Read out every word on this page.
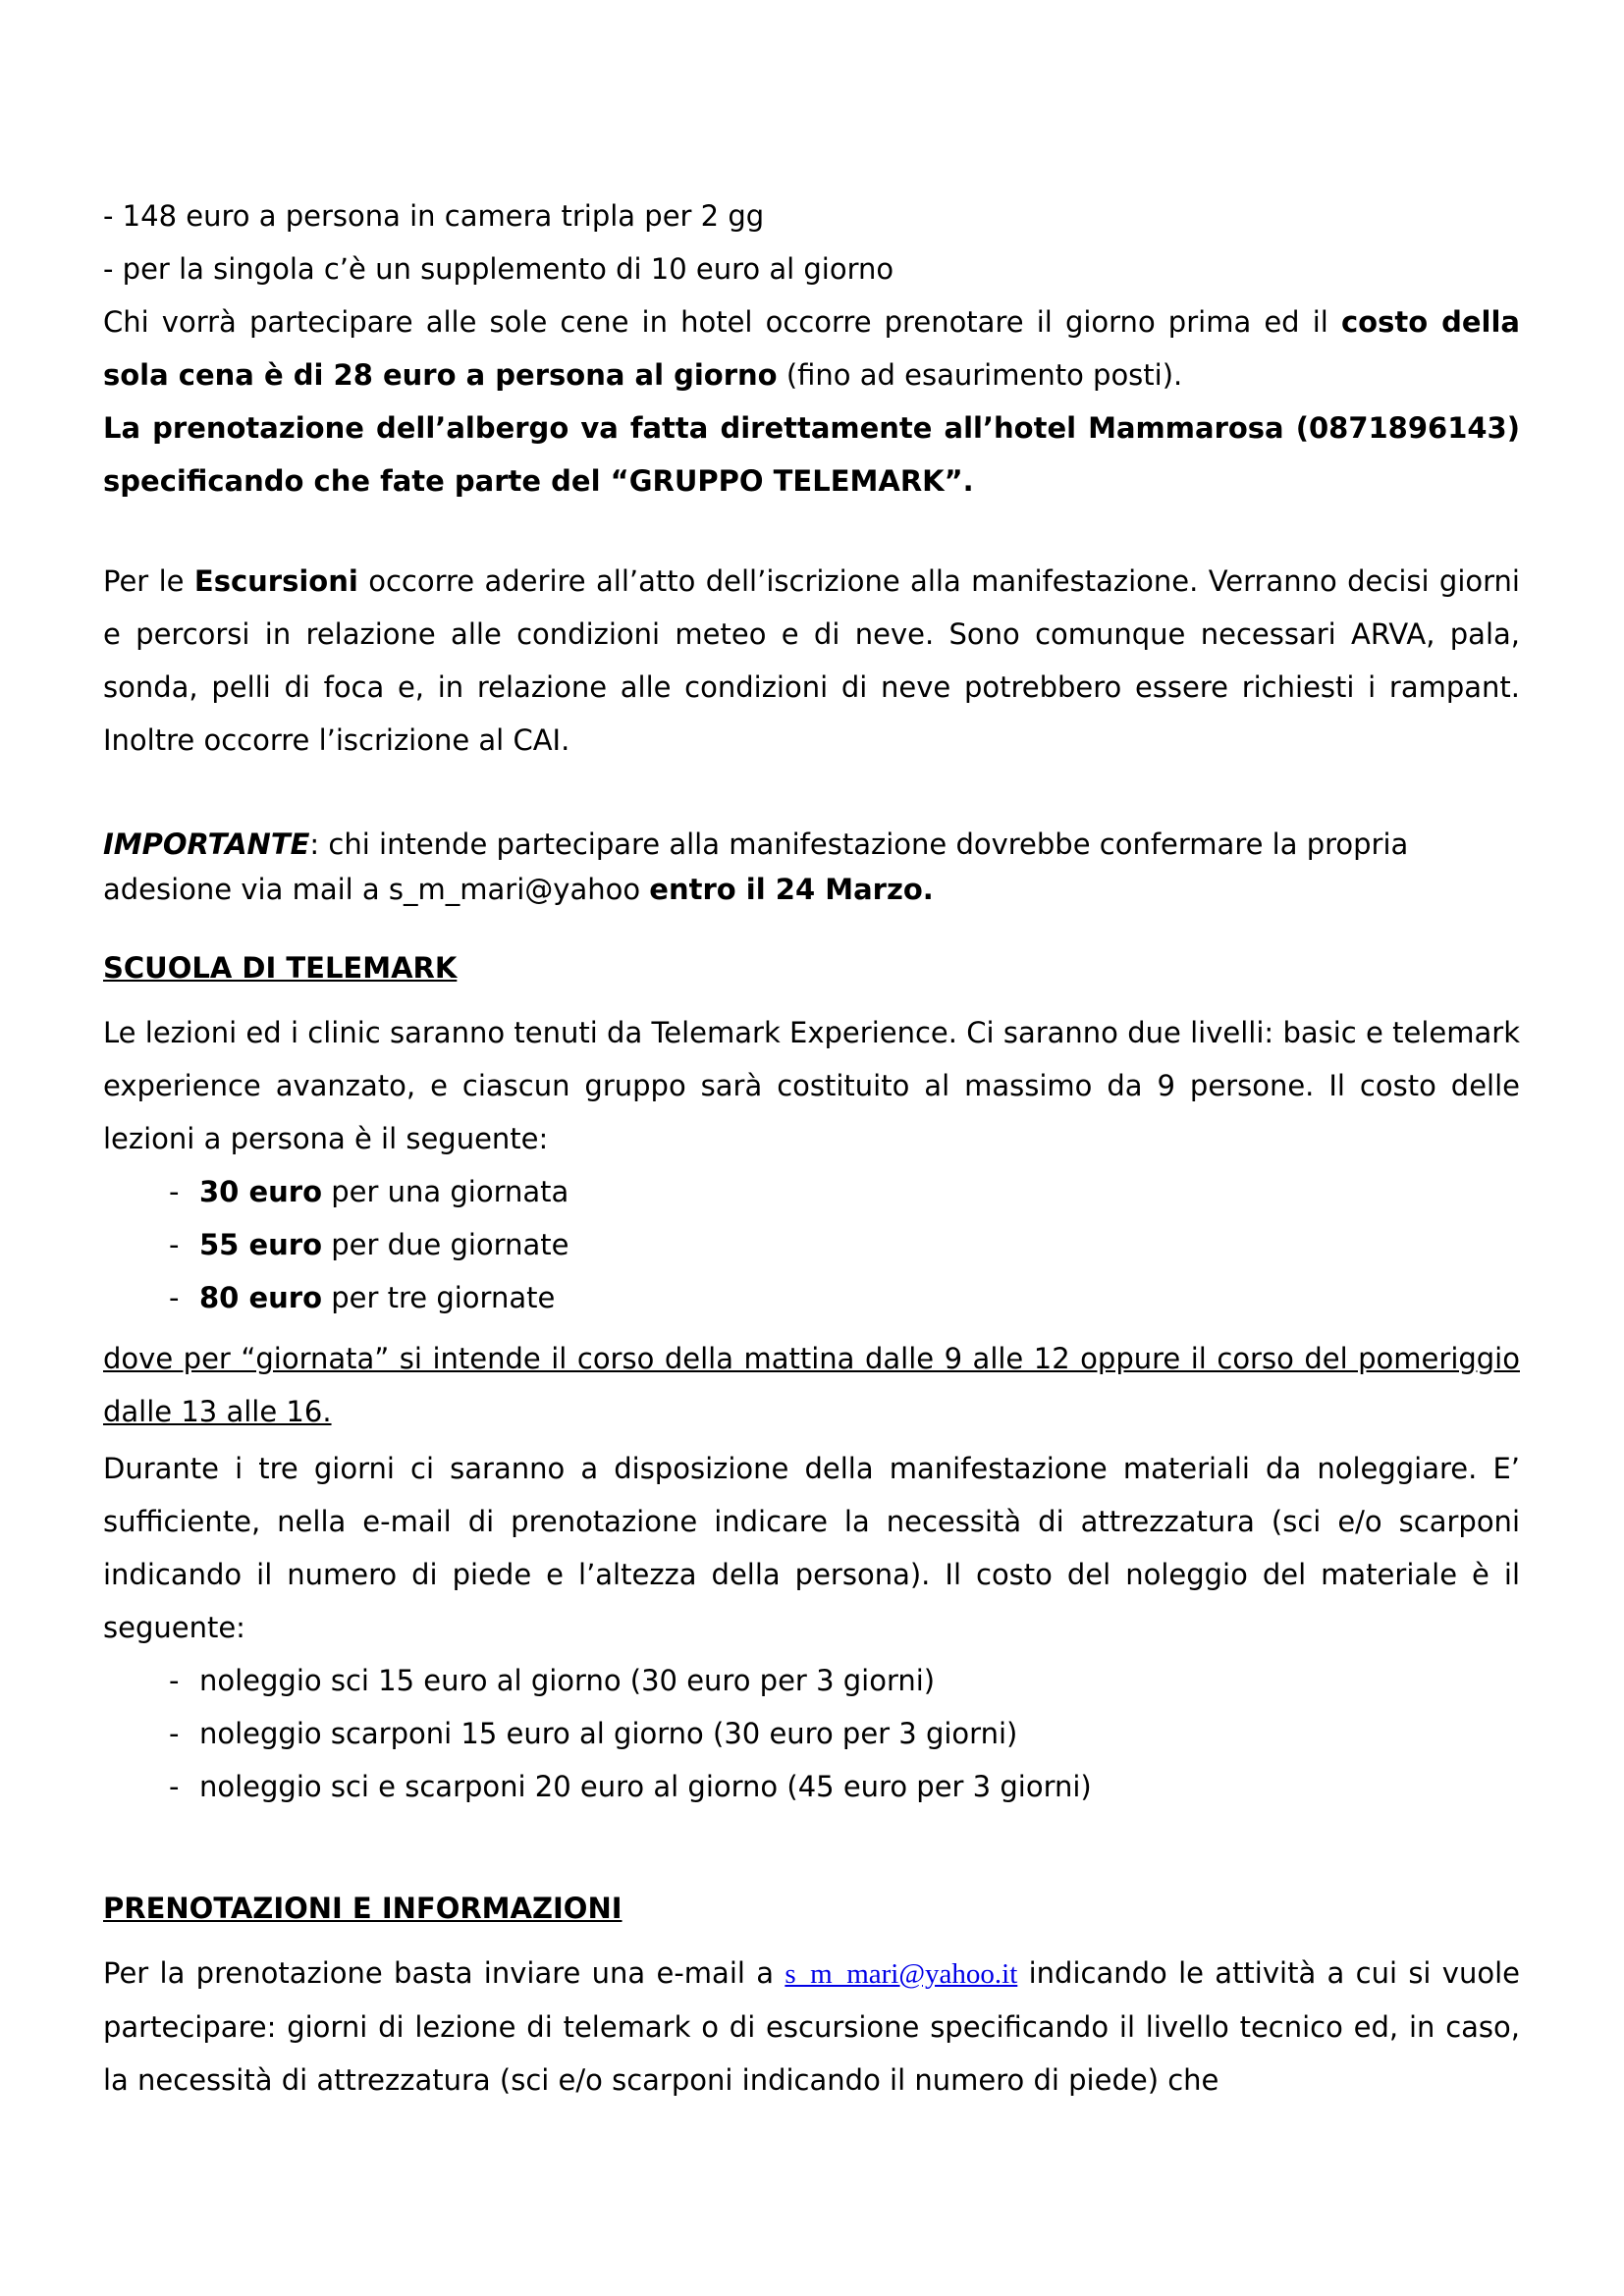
- 148 euro a persona in camera tripla per 2 gg
- per la singola c’è un supplemento di 10 euro al giorno
Chi vorrà partecipare alle sole cene in hotel occorre prenotare il giorno prima ed il costo della sola cena è di 28 euro a persona al giorno (fino ad esaurimento posti).
La prenotazione dell’albergo va fatta direttamente all’hotel Mammarosa (0871896143) specificando che fate parte del “GRUPPO TELEMARK”.
Per le Escursioni occorre aderire all’atto dell’iscrizione alla manifestazione. Verranno decisi giorni e percorsi in relazione alle condizioni meteo e di neve. Sono comunque necessari ARVA, pala, sonda, pelli di foca e, in relazione alle condizioni di neve potrebbero essere richiesti i rampant. Inoltre occorre l’iscrizione al CAI.
IMPORTANTE: chi intende partecipare alla manifestazione dovrebbe confermare la propria
adesione via mail a s_m_mari@yahoo entro il 24 Marzo.
SCUOLA DI TELEMARK
Le lezioni ed i clinic saranno tenuti da Telemark Experience. Ci saranno due livelli: basic e telemark experience avanzato, e ciascun gruppo sarà costituito al massimo da 9 persone. Il costo delle lezioni a persona è il seguente:
- 30 euro per una giornata
- 55 euro per due giornate
- 80 euro per tre giornate
dove per “giornata” si intende il corso della mattina dalle 9 alle 12 oppure il corso del pomeriggio dalle 13 alle 16.
Durante i tre giorni ci saranno a disposizione della manifestazione materiali da noleggiare. E’ sufficiente, nella e-mail di prenotazione indicare la necessità di attrezzatura (sci e/o scarponi indicando il numero di piede e l’altezza della persona). Il costo del noleggio del materiale è il seguente:
- noleggio sci 15 euro al giorno (30 euro per 3 giorni)
- noleggio scarponi 15 euro al giorno (30 euro per 3 giorni)
- noleggio sci e scarponi 20 euro al giorno (45 euro per 3 giorni)
PRENOTAZIONI E INFORMAZIONI
Per la prenotazione basta inviare una e-mail a s_m_mari@yahoo.it indicando le attività a cui si vuole partecipare: giorni di lezione di telemark o di escursione specificando il livello tecnico ed, in caso, la necessità di attrezzatura (sci e/o scarponi indicando il numero di piede) che
